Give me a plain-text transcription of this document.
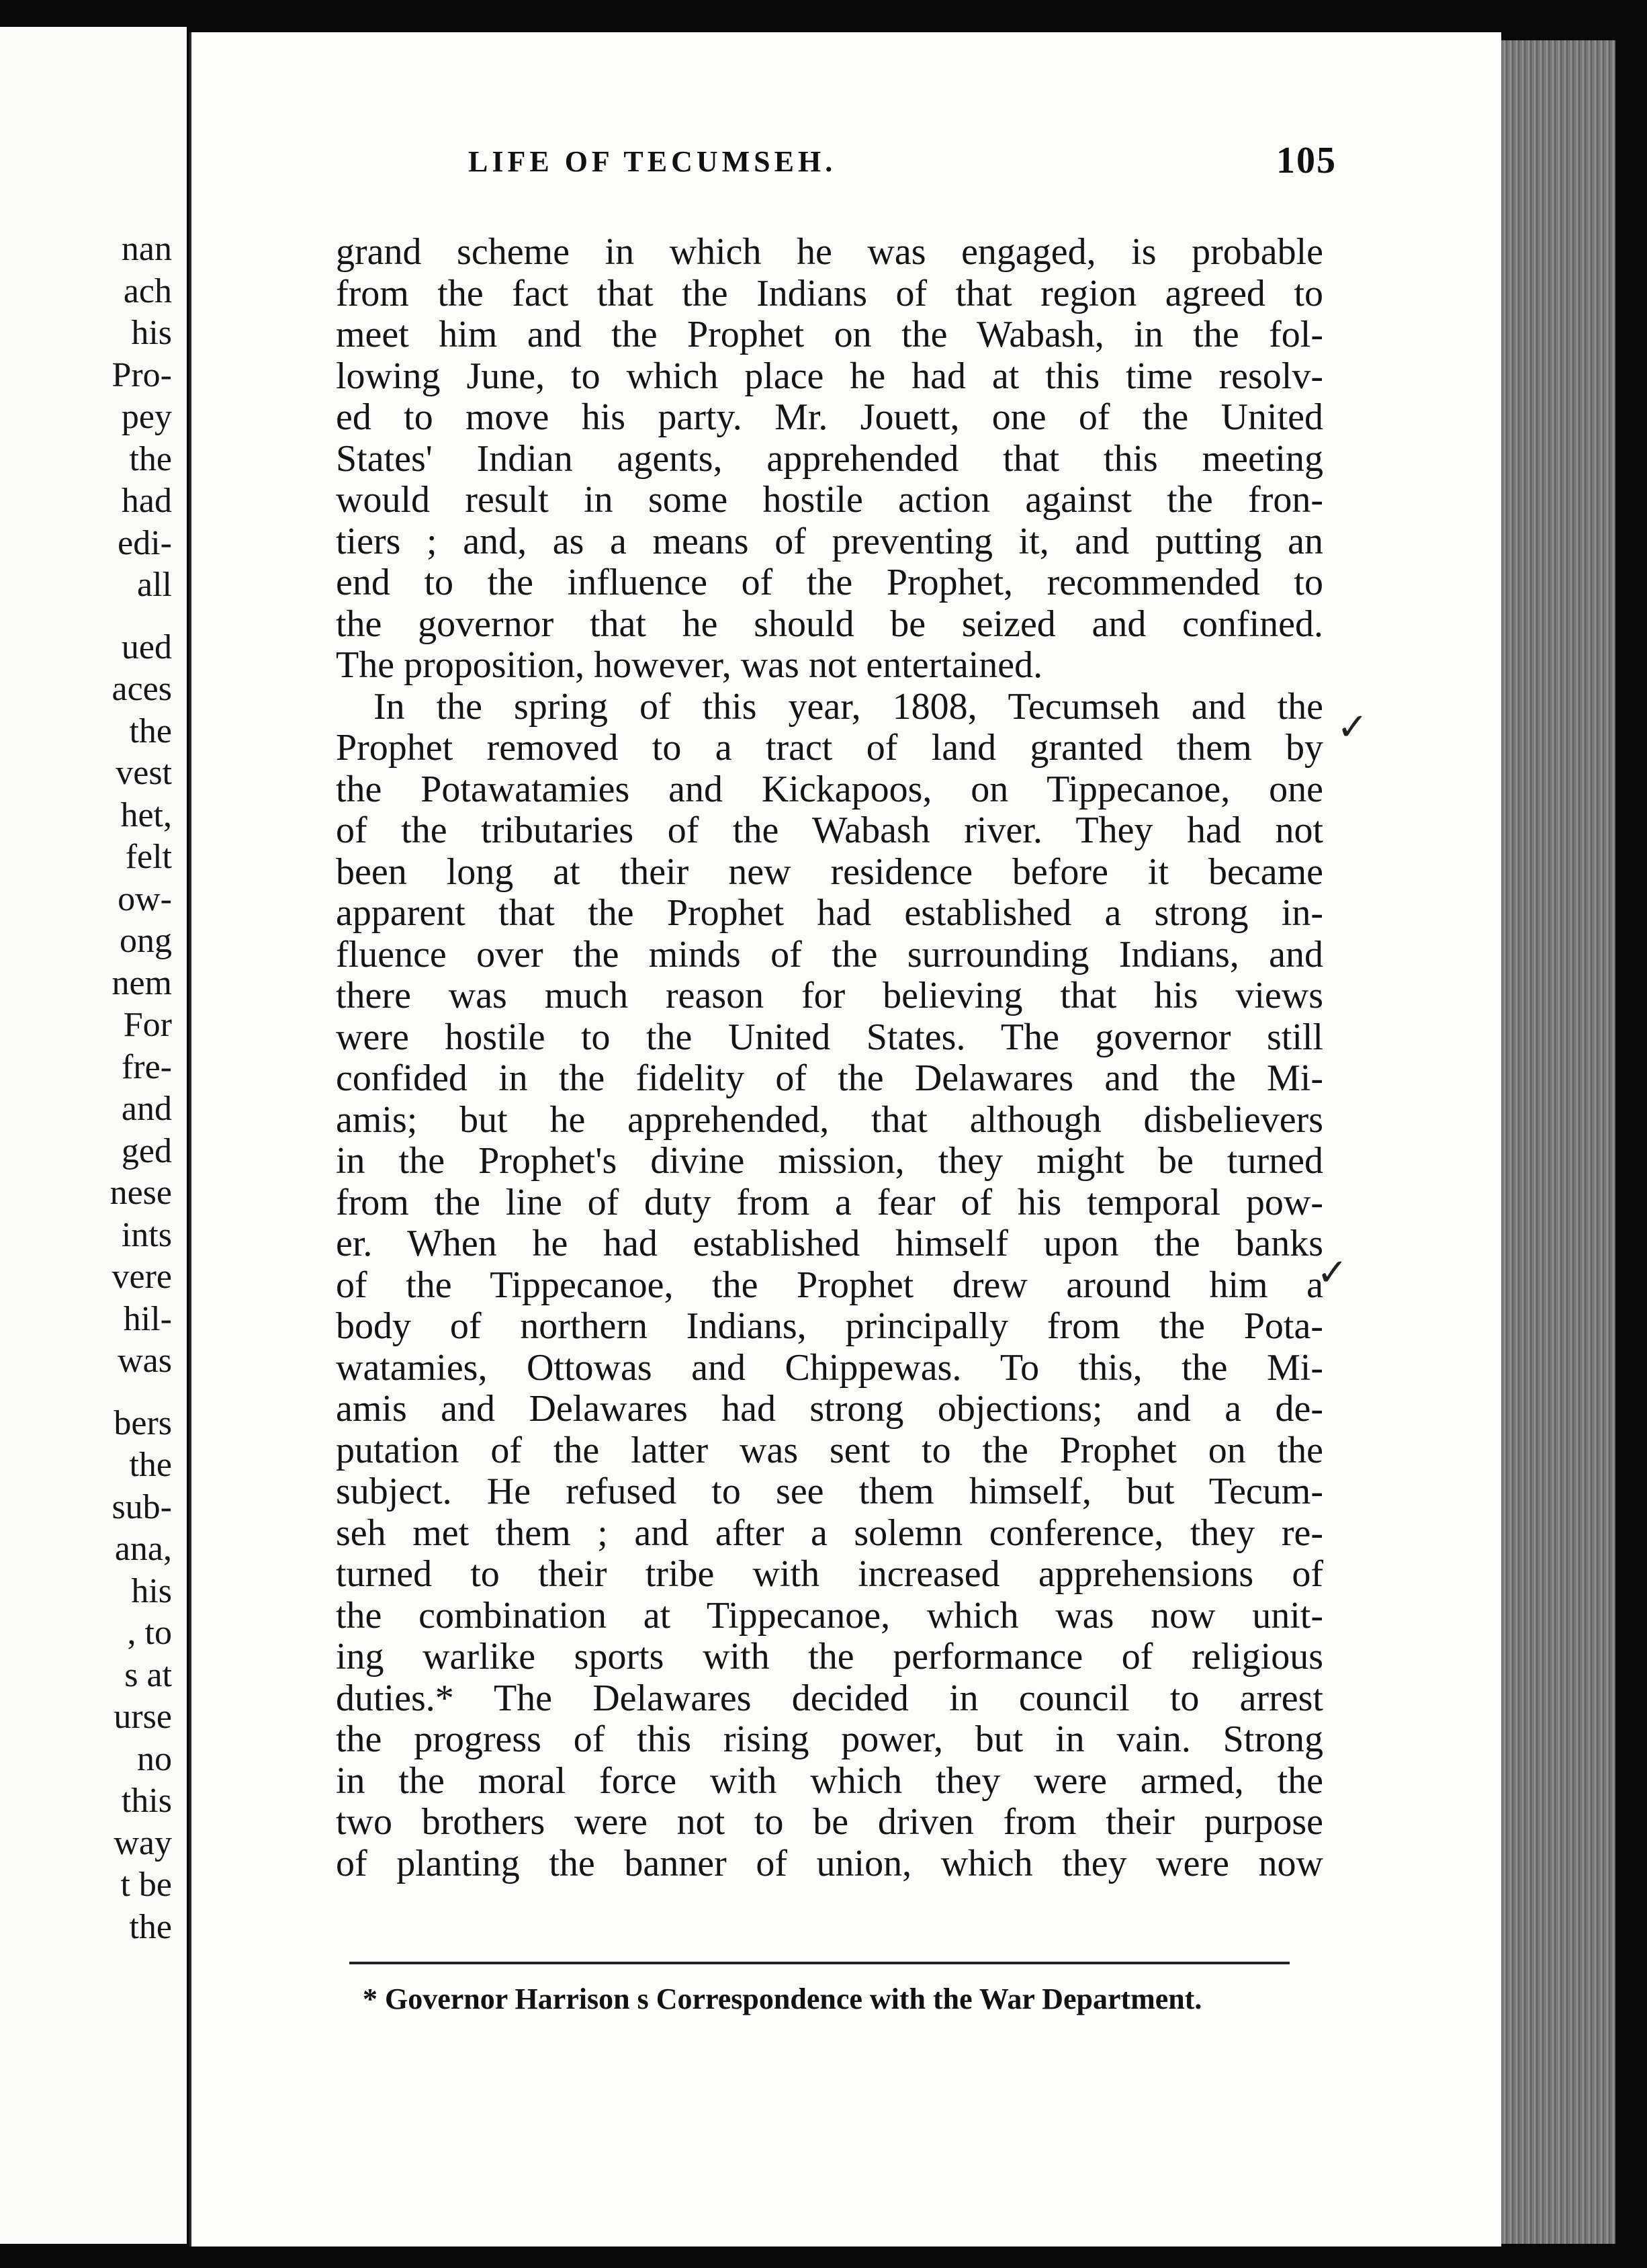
nan
ach
his
Pro-
pey
the
had
edi-
all
ued
aces
the
vest
het,
felt
ow-
ong
nem
For
fre-
and
ged
nese
ints
vere
hil-
was
bers
the
sub-
ana,
his
, to
s at
urse
no
this
way
t be
the
LIFE OF TECUMSEH.	105
grand scheme in which he was engaged, is probable
from the fact that the Indians of that region agreed to
meet him and the Prophet on the Wabash, in the fol-
lowing June, to which place he had at this time resolv-
ed to move his party. Mr. Jouett, one of the United
States' Indian agents, apprehended that this meeting
would result in some hostile action against the fron-
tiers ; and, as a means of preventing it, and putting an
end to the influence of the Prophet, recommended to
the governor that he should be seized and confined.
The proposition, however, was not entertained.
In the spring of this year, 1808, Tecumseh and the
Prophet removed to a tract of land granted them by
the Potawatamies and Kickapoos, on Tippecanoe, one
of the tributaries of the Wabash river. They had not
been long at their new residence before it became
apparent that the Prophet had established a strong in-
fluence over the minds of the surrounding Indians, and
there was much reason for believing that his views
were hostile to the United States. The governor still
confided in the fidelity of the Delawares and the Mi-
amis; but he apprehended, that although disbelievers
in the Prophet's divine mission, they might be turned
from the line of duty from a fear of his temporal pow-
er. When he had established himself upon the banks
of the Tippecanoe, the Prophet drew around him a
body of northern Indians, principally from the Pota-
watamies, Ottowas and Chippewas. To this, the Mi-
amis and Delawares had strong objections; and a de-
putation of the latter was sent to the Prophet on the
subject. He refused to see them himself, but Tecum-
seh met them ; and after a solemn conference, they re-
turned to their tribe with increased apprehensions of
the combination at Tippecanoe, which was now unit-
ing warlike sports with the performance of religious
duties.* The Delawares decided in council to arrest
the progress of this rising power, but in vain. Strong
in the moral force with which they were armed, the
two brothers were not to be driven from their purpose
of planting the banner of union, which they were now
✓
✓
* Governor Harrison s Correspondence with the War Department.
